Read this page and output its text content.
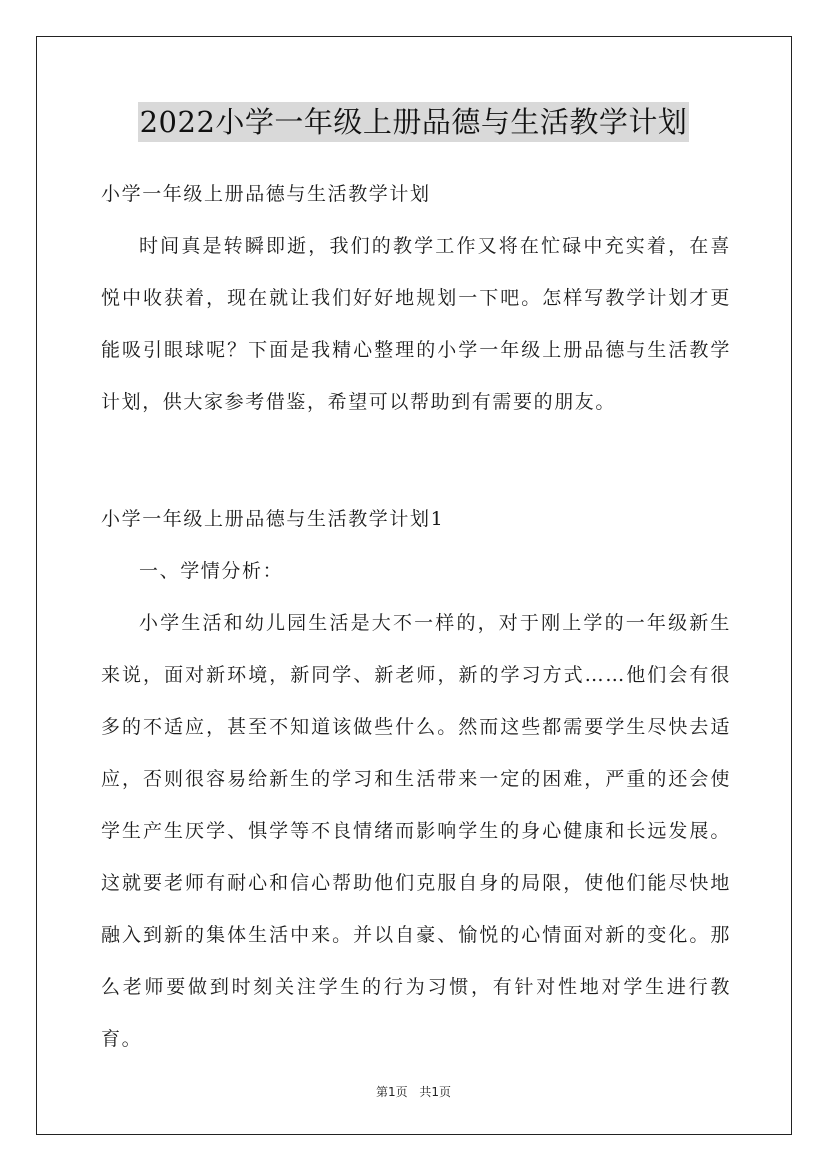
2022小学一年级上册品德与生活教学计划

小学一年级上册品德与生活教学计划

时间真是转瞬即逝，我们的教学工作又将在忙碌中充实着，在喜悦中收获着，现在就让我们好好地规划一下吧。怎样写教学计划才更能吸引眼球呢？下面是我精心整理的小学一年级上册品德与生活教学计划，供大家参考借鉴，希望可以帮助到有需要的朋友。

小学一年级上册品德与生活教学计划1

一、学情分析：

小学生活和幼儿园生活是大不一样的，对于刚上学的一年级新生来说，面对新环境，新同学、新老师，新的学习方式……他们会有很多的不适应，甚至不知道该做些什么。然而这些都需要学生尽快去适应，否则很容易给新生的学习和生活带来一定的困难，严重的还会使学生产生厌学、惧学等不良情绪而影响学生的身心健康和长远发展。这就要老师有耐心和信心帮助他们克服自身的局限，使他们能尽快地融入到新的集体生活中来。并以自豪、愉悦的心情面对新的变化。那么老师要做到时刻关注学生的行为习惯，有针对性地对学生进行教育。

第1页 共1页
